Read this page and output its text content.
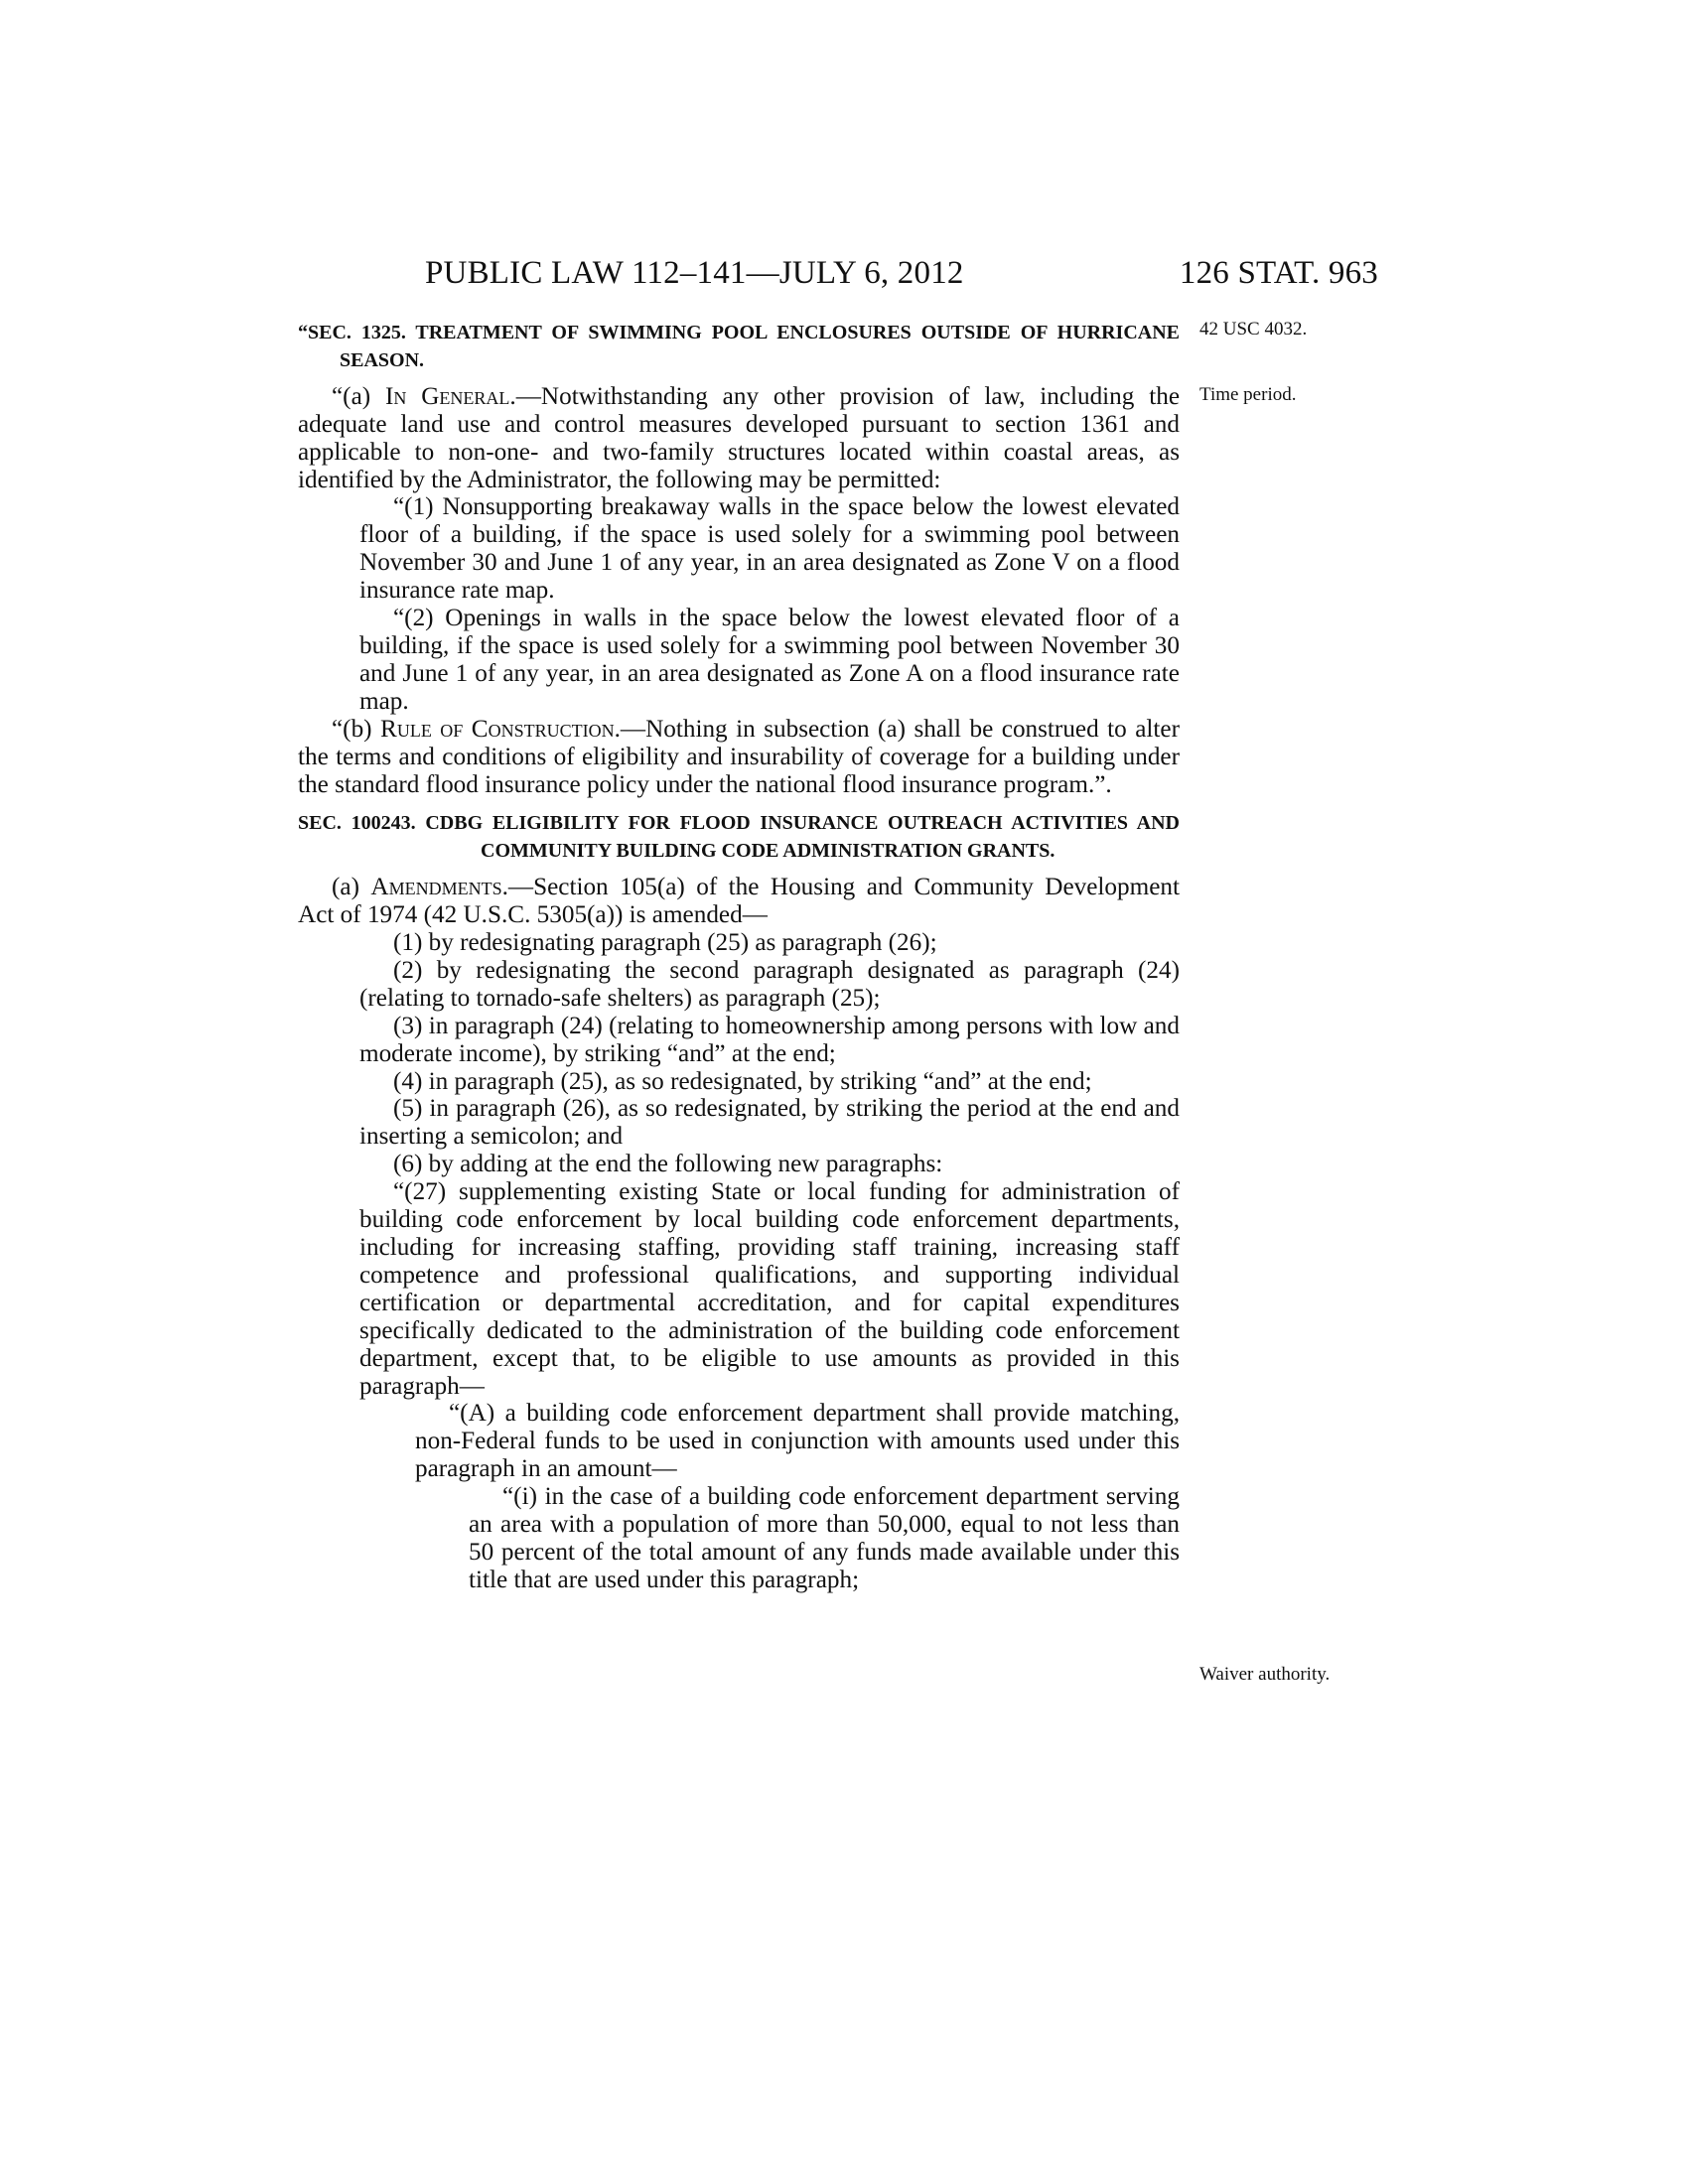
PUBLIC LAW 112–141—JULY 6, 2012	126 STAT. 963
42 USC 4032.
Time period.
Waiver authority.
“SEC. 1325. TREATMENT OF SWIMMING POOL ENCLOSURES OUTSIDE OF HURRICANE SEASON.

“(a) In General.—Notwithstanding any other provision of law, including the adequate land use and control measures developed pursuant to section 1361 and applicable to non-one- and two-family structures located within coastal areas, as identified by the Administrator, the following may be permitted:

“(1) Nonsupporting breakaway walls in the space below the lowest elevated floor of a building, if the space is used solely for a swimming pool between November 30 and June 1 of any year, in an area designated as Zone V on a flood insurance rate map.

“(2) Openings in walls in the space below the lowest elevated floor of a building, if the space is used solely for a swimming pool between November 30 and June 1 of any year, in an area designated as Zone A on a flood insurance rate map.

“(b) Rule of Construction.—Nothing in subsection (a) shall be construed to alter the terms and conditions of eligibility and insurability of coverage for a building under the standard flood insurance policy under the national flood insurance program.”.

SEC. 100243. CDBG ELIGIBILITY FOR FLOOD INSURANCE OUTREACH ACTIVITIES AND COMMUNITY BUILDING CODE ADMINISTRATION GRANTS.

(a) Amendments.—Section 105(a) of the Housing and Community Development Act of 1974 (42 U.S.C. 5305(a)) is amended—

(1) by redesignating paragraph (25) as paragraph (26);

(2) by redesignating the second paragraph designated as paragraph (24) (relating to tornado-safe shelters) as paragraph (25);

(3) in paragraph (24) (relating to homeownership among persons with low and moderate income), by striking “and” at the end;

(4) in paragraph (25), as so redesignated, by striking “and” at the end;

(5) in paragraph (26), as so redesignated, by striking the period at the end and inserting a semicolon; and

(6) by adding at the end the following new paragraphs:

“(27) supplementing existing State or local funding for administration of building code enforcement by local building code enforcement departments, including for increasing staffing, providing staff training, increasing staff competence and professional qualifications, and supporting individual certification or departmental accreditation, and for capital expenditures specifically dedicated to the administration of the building code enforcement department, except that, to be eligible to use amounts as provided in this paragraph—

“(A) a building code enforcement department shall provide matching, non-Federal funds to be used in conjunction with amounts used under this paragraph in an amount—

“(i) in the case of a building code enforcement department serving an area with a population of more than 50,000, equal to not less than 50 percent of the total amount of any funds made available under this title that are used under this paragraph;
